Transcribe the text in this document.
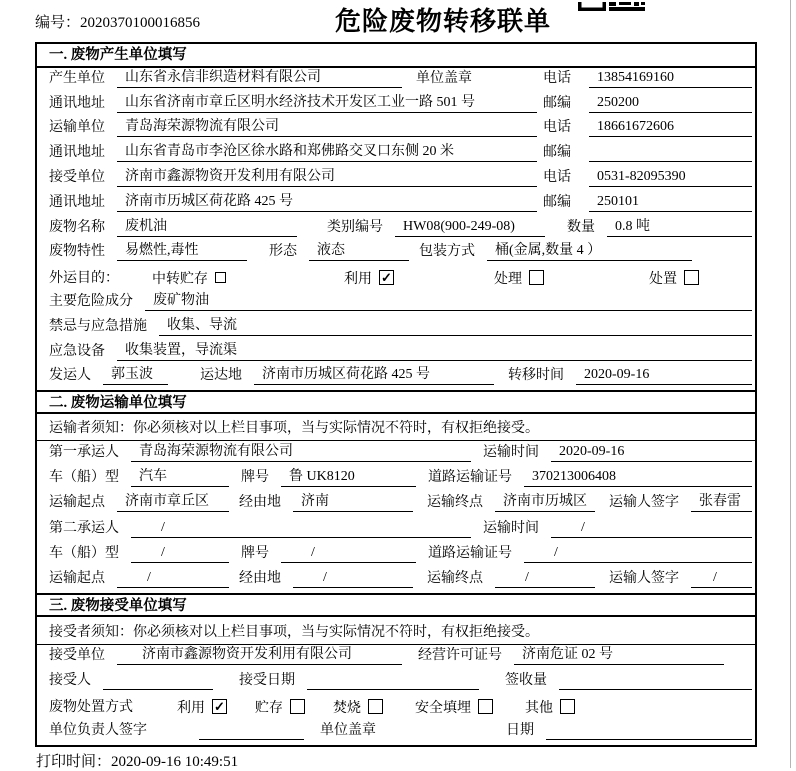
编号：2020370100016856	危险废物转移联单
一. 废物产生单位填写
产生单位	山东省永信非织造材料有限公司	单位盖章	电话	13854169160
通讯地址	山东省济南市章丘区明水经济技术开发区工业一路 501 号	邮编	250200
运输单位	青岛海荣源物流有限公司	电话	18661672606
通讯地址	山东省青岛市李沧区徐水路和郑佛路交叉口东侧 20 米	邮编
接受单位	济南市鑫源物资开发利用有限公司	电话	0531-82095390
通讯地址	济南市历城区荷花路 425 号	邮编	250101
废物名称	废机油	类别编号	HW08(900-249-08)	数量	0.8 吨
废物特性	易燃性,毒性	形态	液态	包装方式	桶(金属,数量 4 ）
外运目的： 中转贮存	利用 ✓	处理	处置
主要危险成分	废矿物油
禁忌与应急措施	收集、导流
应急设备	收集装置，导流渠
发运人	郭玉波	运达地	济南市历城区荷花路 425 号	转移时间	2020-09-16
二. 废物运输单位填写
运输者须知：你必须核对以上栏目事项，当与实际情况不符时，有权拒绝接受。
第一承运人	青岛海荣源物流有限公司	运输时间	2020-09-16
车（船）型	汽车	牌号	鲁 UK8120	道路运输证号	370213006408
运输起点	济南市章丘区	经由地	济南	运输终点	济南市历城区	运输人签字	张春雷
第二承运人	/	运输时间	/
车（船）型	/	牌号	/	道路运输证号	/
运输起点	/	经由地	/	运输终点	/	运输人签字	/
三. 废物接受单位填写
接受者须知：你必须核对以上栏目事项，当与实际情况不符时，有权拒绝接受。
接受单位	济南市鑫源物资开发利用有限公司	经营许可证号	济南危证 02 号
接受人	接受日期	签收量
废物处置方式	利用 ✓ 贮存	焚烧	安全填埋	其他
单位负责人签字	单位盖章	日期
打印时间：2020-09-16 10:49:51
